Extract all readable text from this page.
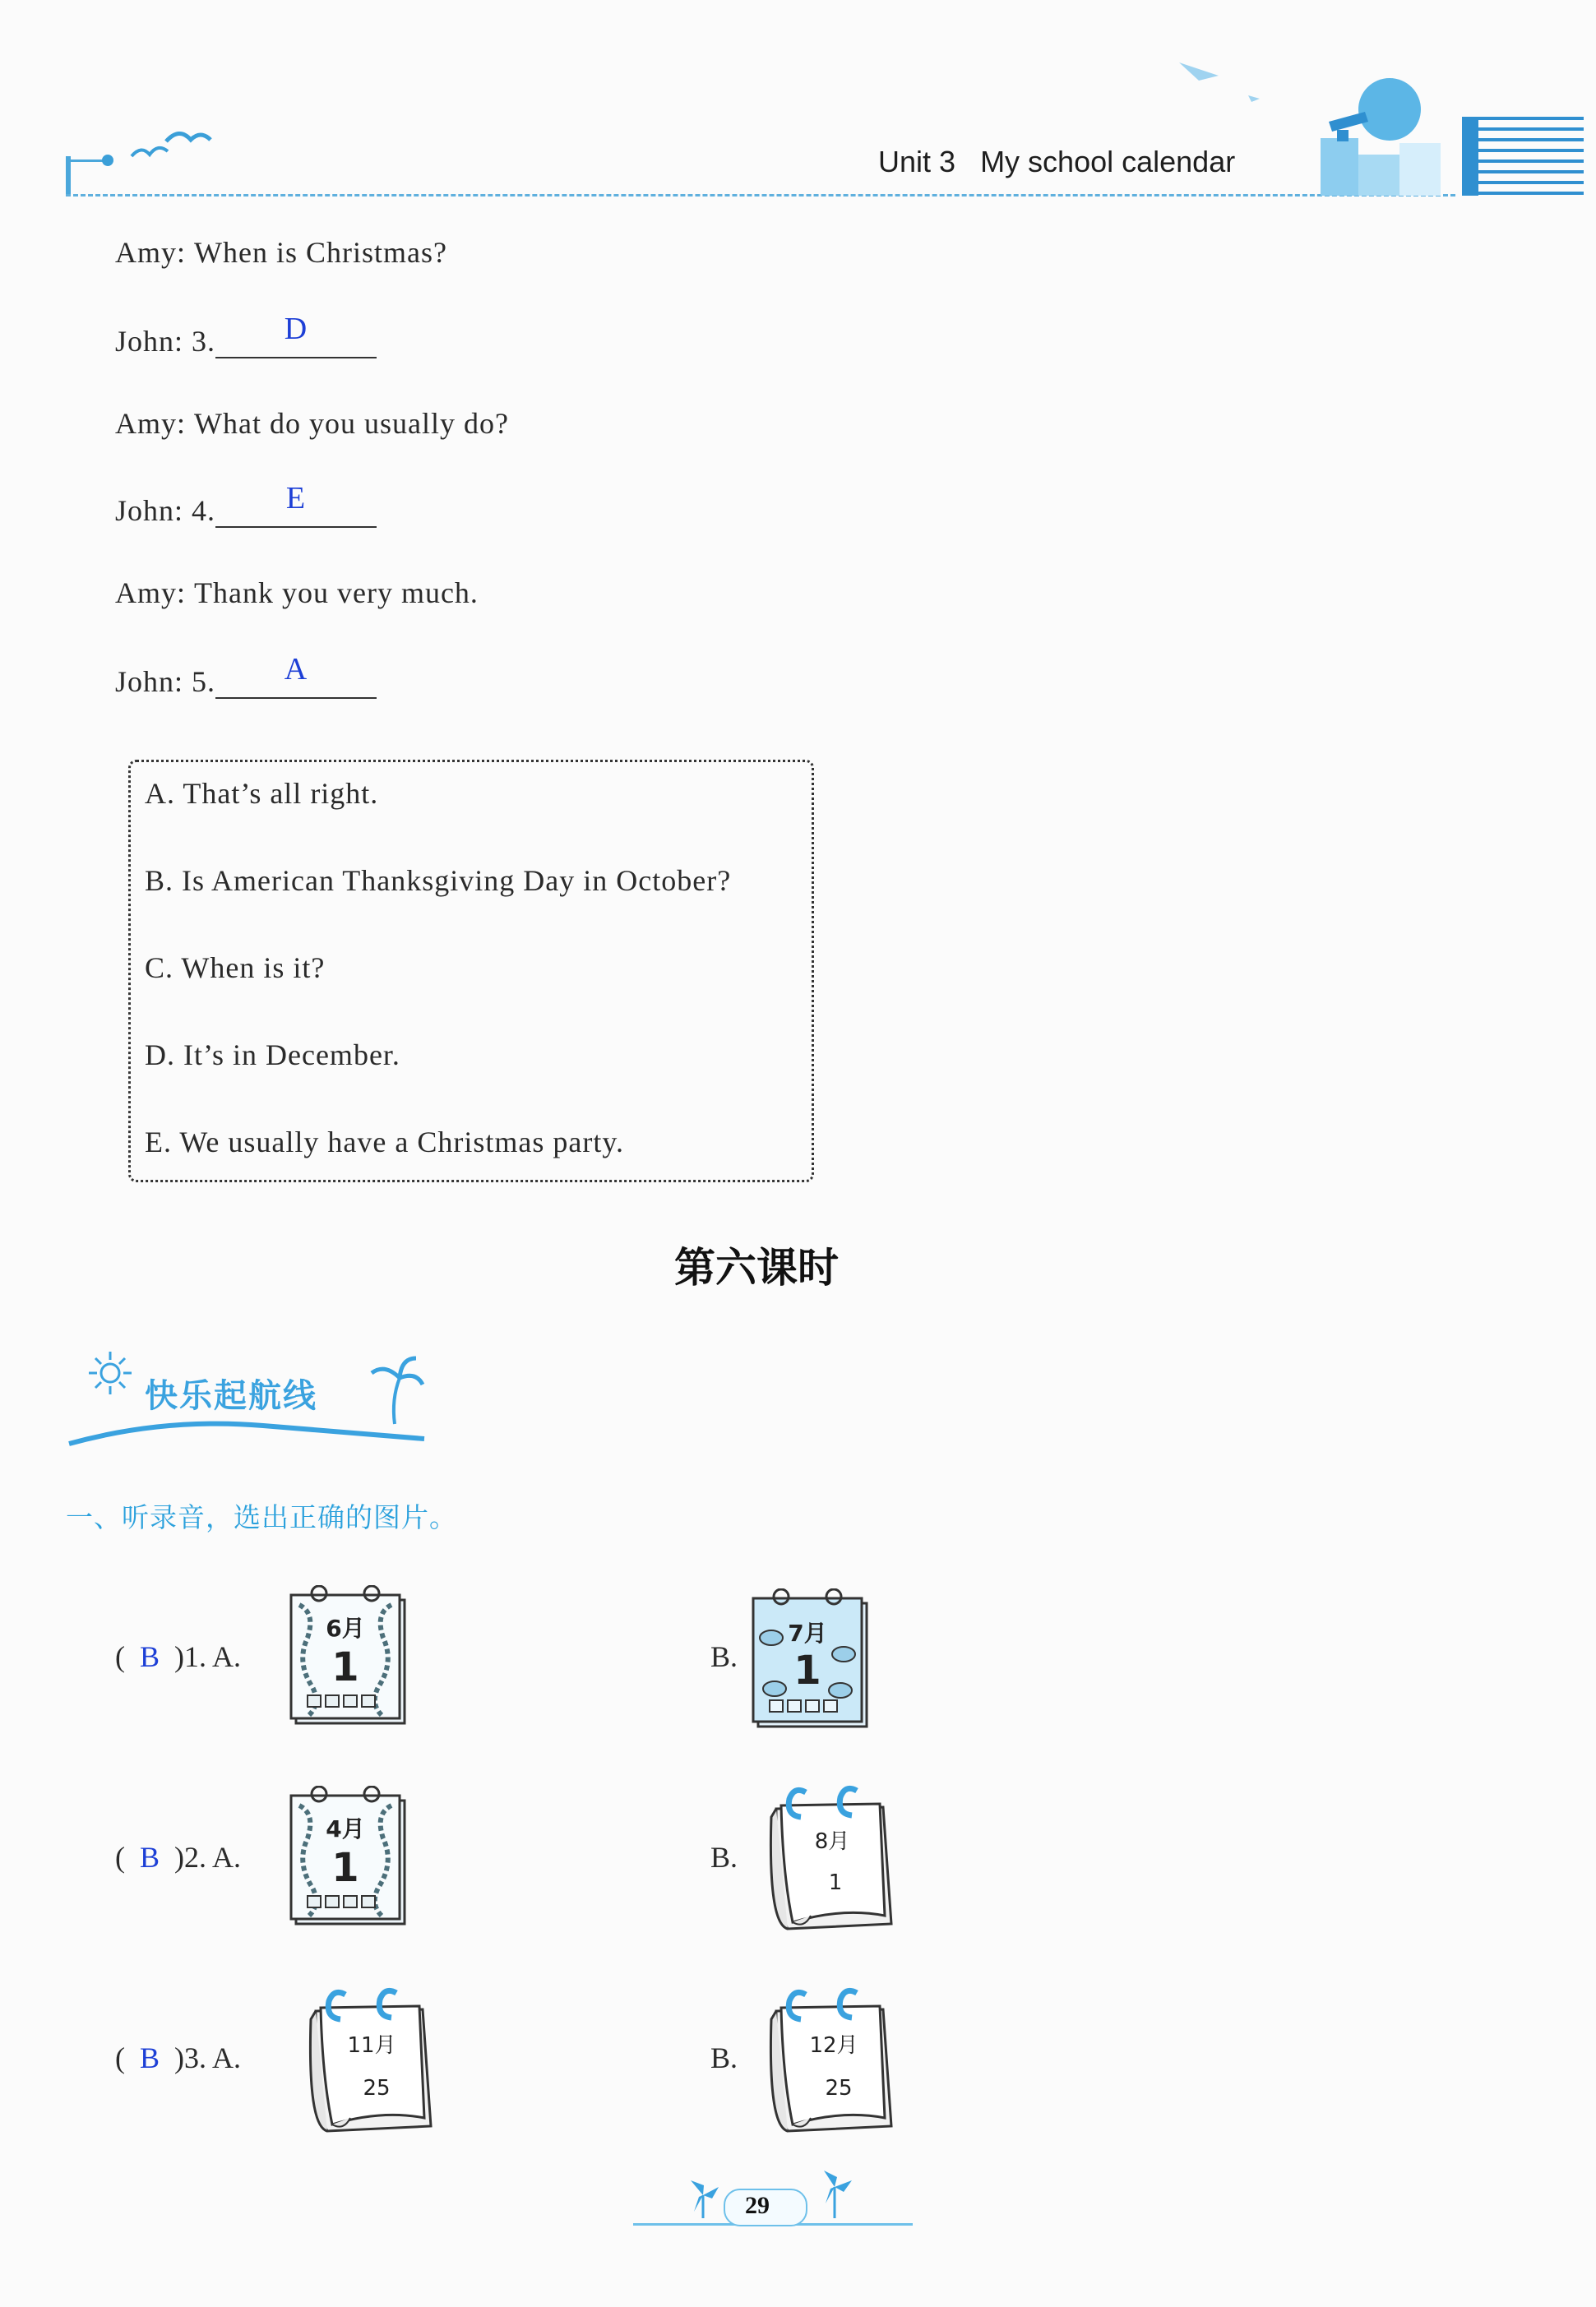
Unit 3 My school calendar
Amy: When is Christmas?
John: 3.	D
Amy: What do you usually do?
John: 4.	E
Amy: Thank you very much.
John: 5.	A
A. That’s all right.
B. Is American Thanksgiving Day in October?
C. When is it?
D. It’s in December.
E. We usually have a Christmas party.
第六课时
快乐起航线
一、听录音，选出正确的图片。
( B )1. A.	B.
( B )2. A.	B.
( B )3. A.	B.
6月
1
7月
1
4月
1
8月
1
11月
25
12月
25
29
